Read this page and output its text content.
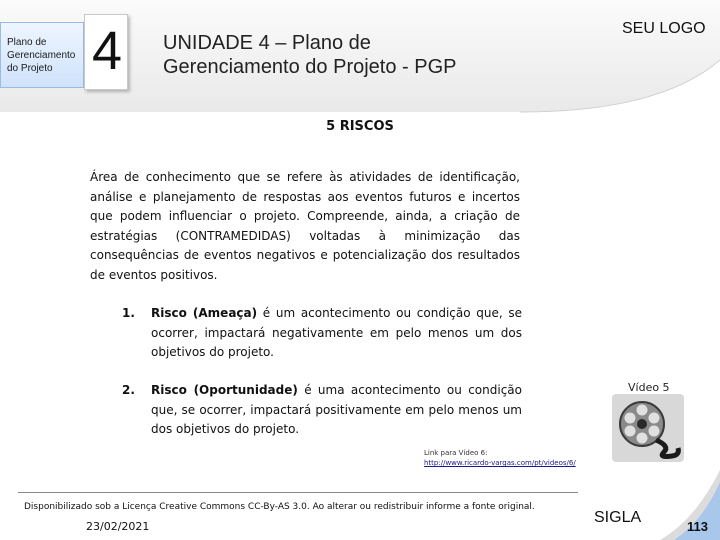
Plano de Gerenciamento do Projeto 4	UNIDADE 4 – Plano de
Gerenciamento do Projeto - PGP
SEU LOGO
5 RISCOS
Área de conhecimento que se refere às atividades de identificação, análise e planejamento de respostas aos eventos futuros e incertos que podem influenciar o projeto. Compreende, ainda, a criação de estratégias (CONTRAMEDIDAS) voltadas à minimização das consequências de eventos negativos e potencialização dos resultados de eventos positivos.
1. Risco (Ameaça) é um acontecimento ou condição que, se ocorrer, impactará negativamente em pelo menos um dos objetivos do projeto.
2. Risco (Oportunidade) é uma acontecimento ou condição que, se ocorrer, impactará positivamente em pelo menos um dos objetivos do projeto.
Vídeo 5
Link para Vídeo 6:
http://www.ricardo-vargas.com/pt/videos/6/
Disponibilizado sob a Licença Creative Commons CC-By-AS 3.0. Ao alterar ou redistribuir informe a fonte original.
23/02/2021
SIGLA
113
